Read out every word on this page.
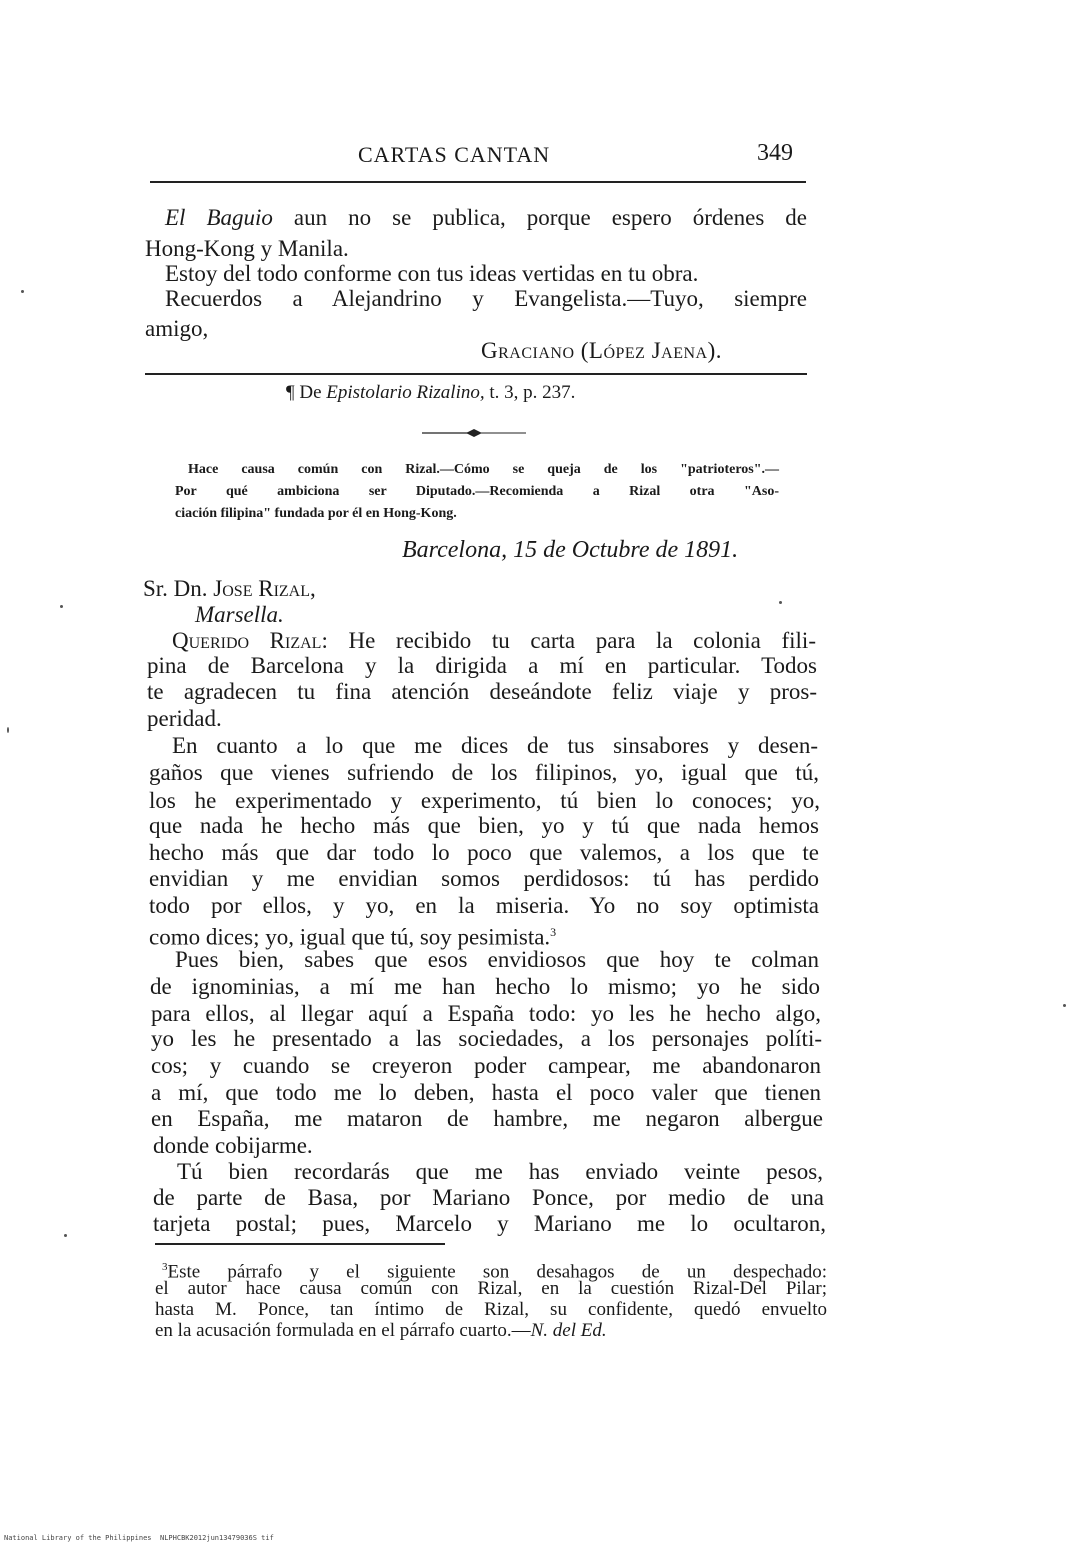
CARTAS CANTAN	349
El Baguio aun no se publica, porque espero órdenes de
Hong-Kong y Manila.
Estoy del todo conforme con tus ideas vertidas en tu obra.
Recuerdos a Alejandrino y Evangelista.—Tuyo, siempre
amigo,
Graciano (López Jaena).
¶ De Epistolario Rizalino, t. 3, p. 237.
Hace causa común con Rizal.—Cómo se queja de los "patrioteros".—
Por qué ambiciona ser Diputado.—Recomienda a Rizal otra "Aso-
ciación filipina" fundada por él en Hong-Kong.
Barcelona, 15 de Octubre de 1891.
Sr. Dn. Jose Rizal,
Marsella.
Querido Rizal: He recibido tu carta para la colonia fili-
pina de Barcelona y la dirigida a mí en particular. Todos
te agradecen tu fina atención deseándote feliz viaje y pros-
peridad.
En cuanto a lo que me dices de tus sinsabores y desen-
gaños que vienes sufriendo de los filipinos, yo, igual que tú,
los he experimentado y experimento, tú bien lo conoces; yo,
que nada he hecho más que bien, yo y tú que nada hemos
hecho más que dar todo lo poco que valemos, a los que te
envidian y me envidian somos perdidosos: tú has perdido
todo por ellos, y yo, en la miseria. Yo no soy optimista
como dices; yo, igual que tú, soy pesimista.$^3$
Pues bien, sabes que esos envidiosos que hoy te colman
de ignominias, a mí me han hecho lo mismo; yo he sido
para ellos, al llegar aquí a España todo: yo les he hecho algo,
yo les he presentado a las sociedades, a los personajes políti-
cos; y cuando se creyeron poder campear, me abandonaron
a mí, que todo me lo deben, hasta el poco valer que tienen
en España, me mataron de hambre, me negaron albergue
donde cobijarme.
Tú bien recordarás que me has enviado veinte pesos,
de parte de Basa, por Mariano Ponce, por medio de una
tarjeta postal; pues, Marcelo y Mariano me lo ocultaron,
$^3$Este párrafo y el siguiente son desahagos de un despechado:
el autor hace causa común con Rizal, en la cuestión Rizal-Del Pilar;
hasta M. Ponce, tan íntimo de Rizal, su confidente, quedó envuelto
en la acusación formulada en el párrafo cuarto.—N. del Ed.
National Library of the Philippines NLPHCBK2012jun13479036S tif
